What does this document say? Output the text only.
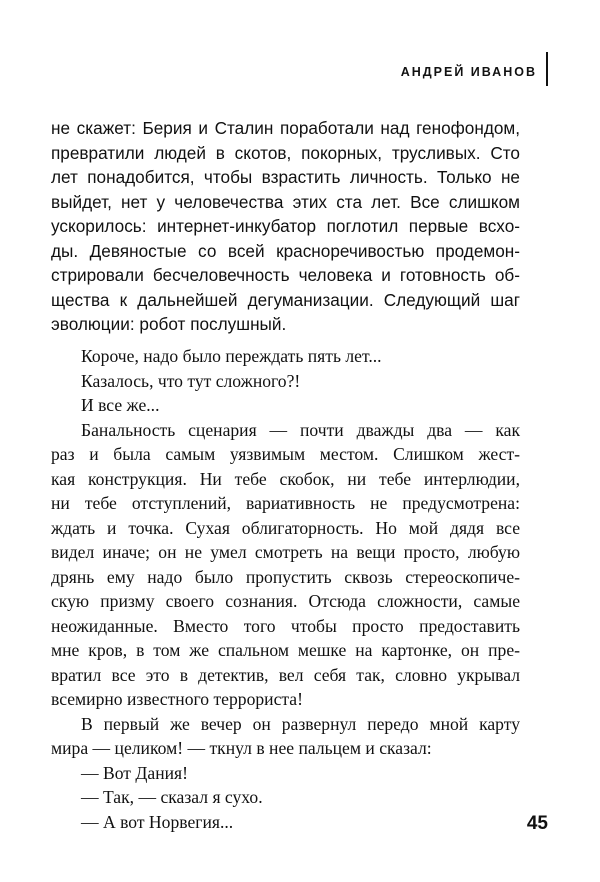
АНДРЕЙ ИВАНОВ
не скажет: Берия и Сталин поработали над генофондом,
превратили людей в скотов, покорных, трусливых. Сто
лет понадобится, чтобы взрастить личность. Только не
выйдет, нет у человечества этих ста лет. Все слишком
ускорилось: интернет-инкубатор поглотил первые всхо-
ды. Девяностые со всей красноречивостью продемон-
стрировали бесчеловечность человека и готовность об-
щества к дальнейшей дегуманизации. Следующий шаг
эволюции: робот послушный.
Короче, надо было переждать пять лет...
Казалось, что тут сложного?!
И все же...
Банальность сценария — почти дважды два — как
раз и была самым уязвимым местом. Слишком жест-
кая конструкция. Ни тебе скобок, ни тебе интерлюдии,
ни тебе отступлений, вариативность не предусмотрена:
ждать и точка. Сухая облигаторность. Но мой дядя все
видел иначе; он не умел смотреть на вещи просто, любую
дрянь ему надо было пропустить сквозь стереоскопиче-
скую призму своего сознания. Отсюда сложности, самые
неожиданные. Вместо того чтобы просто предоставить
мне кров, в том же спальном мешке на картонке, он пре-
вратил все это в детектив, вел себя так, словно укрывал
всемирно известного террориста!
В первый же вечер он развернул передо мной карту
мира — целиком! — ткнул в нее пальцем и сказал:
— Вот Дания!
— Так, — сказал я сухо.
— А вот Норвегия...	45
